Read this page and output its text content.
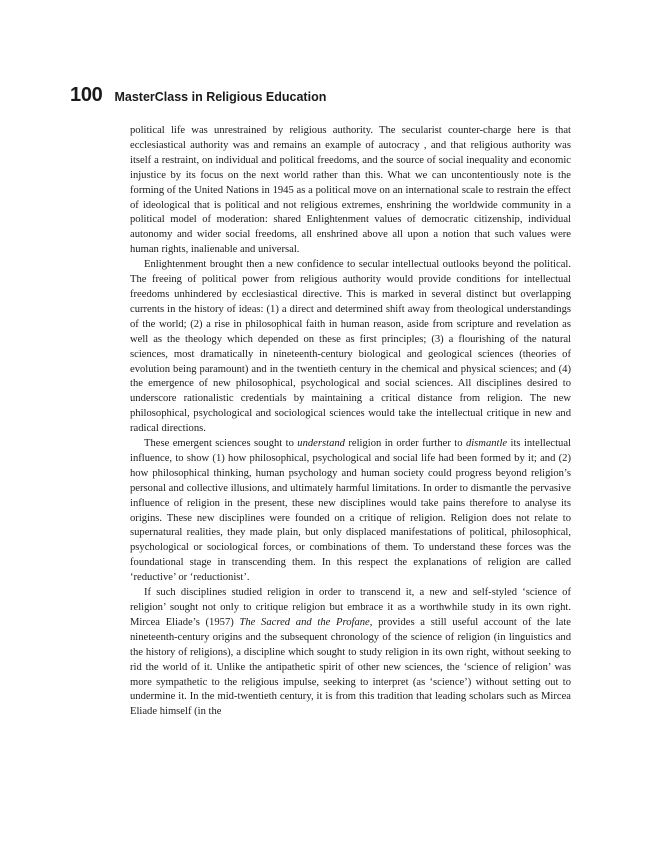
100 MasterClass in Religious Education

political life was unrestrained by religious authority. The secularist counter-charge here is that ecclesiastical authority was and remains an example of autocracy , and that religious authority was itself a restraint, on individual and political freedoms, and the source of social inequality and economic injustice by its focus on the next world rather than this. What we can uncontentiously note is the forming of the United Nations in 1945 as a political move on an international scale to restrain the effect of ideological that is political and not religious extremes, enshrining the worldwide community in a political model of moderation: shared Enlightenment values of democratic citizenship, individual autonomy and wider social freedoms, all enshrined above all upon a notion that such values were human rights, inalienable and universal.

Enlightenment brought then a new confidence to secular intellectual outlooks beyond the political. The freeing of political power from religious authority would provide conditions for intellectual freedoms unhindered by ecclesiastical directive. This is marked in several distinct but overlapping currents in the history of ideas: (1) a direct and determined shift away from theological understandings of the world; (2) a rise in philosophical faith in human reason, aside from scripture and revelation as well as the theology which depended on these as first principles; (3) a flourishing of the natural sciences, most dramatically in nineteenth-century biological and geological sciences (theories of evolution being paramount) and in the twentieth century in the chemical and physical sciences; and (4) the emergence of new philosophical, psychological and social sciences. All disciplines desired to underscore rationalistic credentials by maintaining a critical distance from religion. The new philosophical, psychological and sociological sciences would take the intellectual critique in new and radical directions.

These emergent sciences sought to understand religion in order further to dismantle its intellectual influence, to show (1) how philosophical, psychological and social life had been formed by it; and (2) how philosophical thinking, human psychology and human society could progress beyond religion’s personal and collective illusions, and ultimately harmful limitations. In order to dismantle the pervasive influence of religion in the present, these new disciplines would take pains therefore to analyse its origins. These new disciplines were founded on a critique of religion. Religion does not relate to supernatural realities, they made plain, but only displaced manifestations of political, philosophical, psychological or sociological forces, or combinations of them. To understand these forces was the foundational stage in transcending them. In this respect the explanations of religion are called ‘reductive’ or ‘reductionist’.

If such disciplines studied religion in order to transcend it, a new and self-styled ‘science of religion’ sought not only to critique religion but embrace it as a worthwhile study in its own right. Mircea Eliade’s (1957) The Sacred and the Profane, provides a still useful account of the late nineteenth-century origins and the subsequent chronology of the science of religion (in linguistics and the history of religions), a discipline which sought to study religion in its own right, without seeking to rid the world of it. Unlike the antipathetic spirit of other new sciences, the ‘science of religion’ was more sympathetic to the religious impulse, seeking to interpret (as ‘science’) without setting out to undermine it. In the mid-twentieth century, it is from this tradition that leading scholars such as Mircea Eliade himself (in the
